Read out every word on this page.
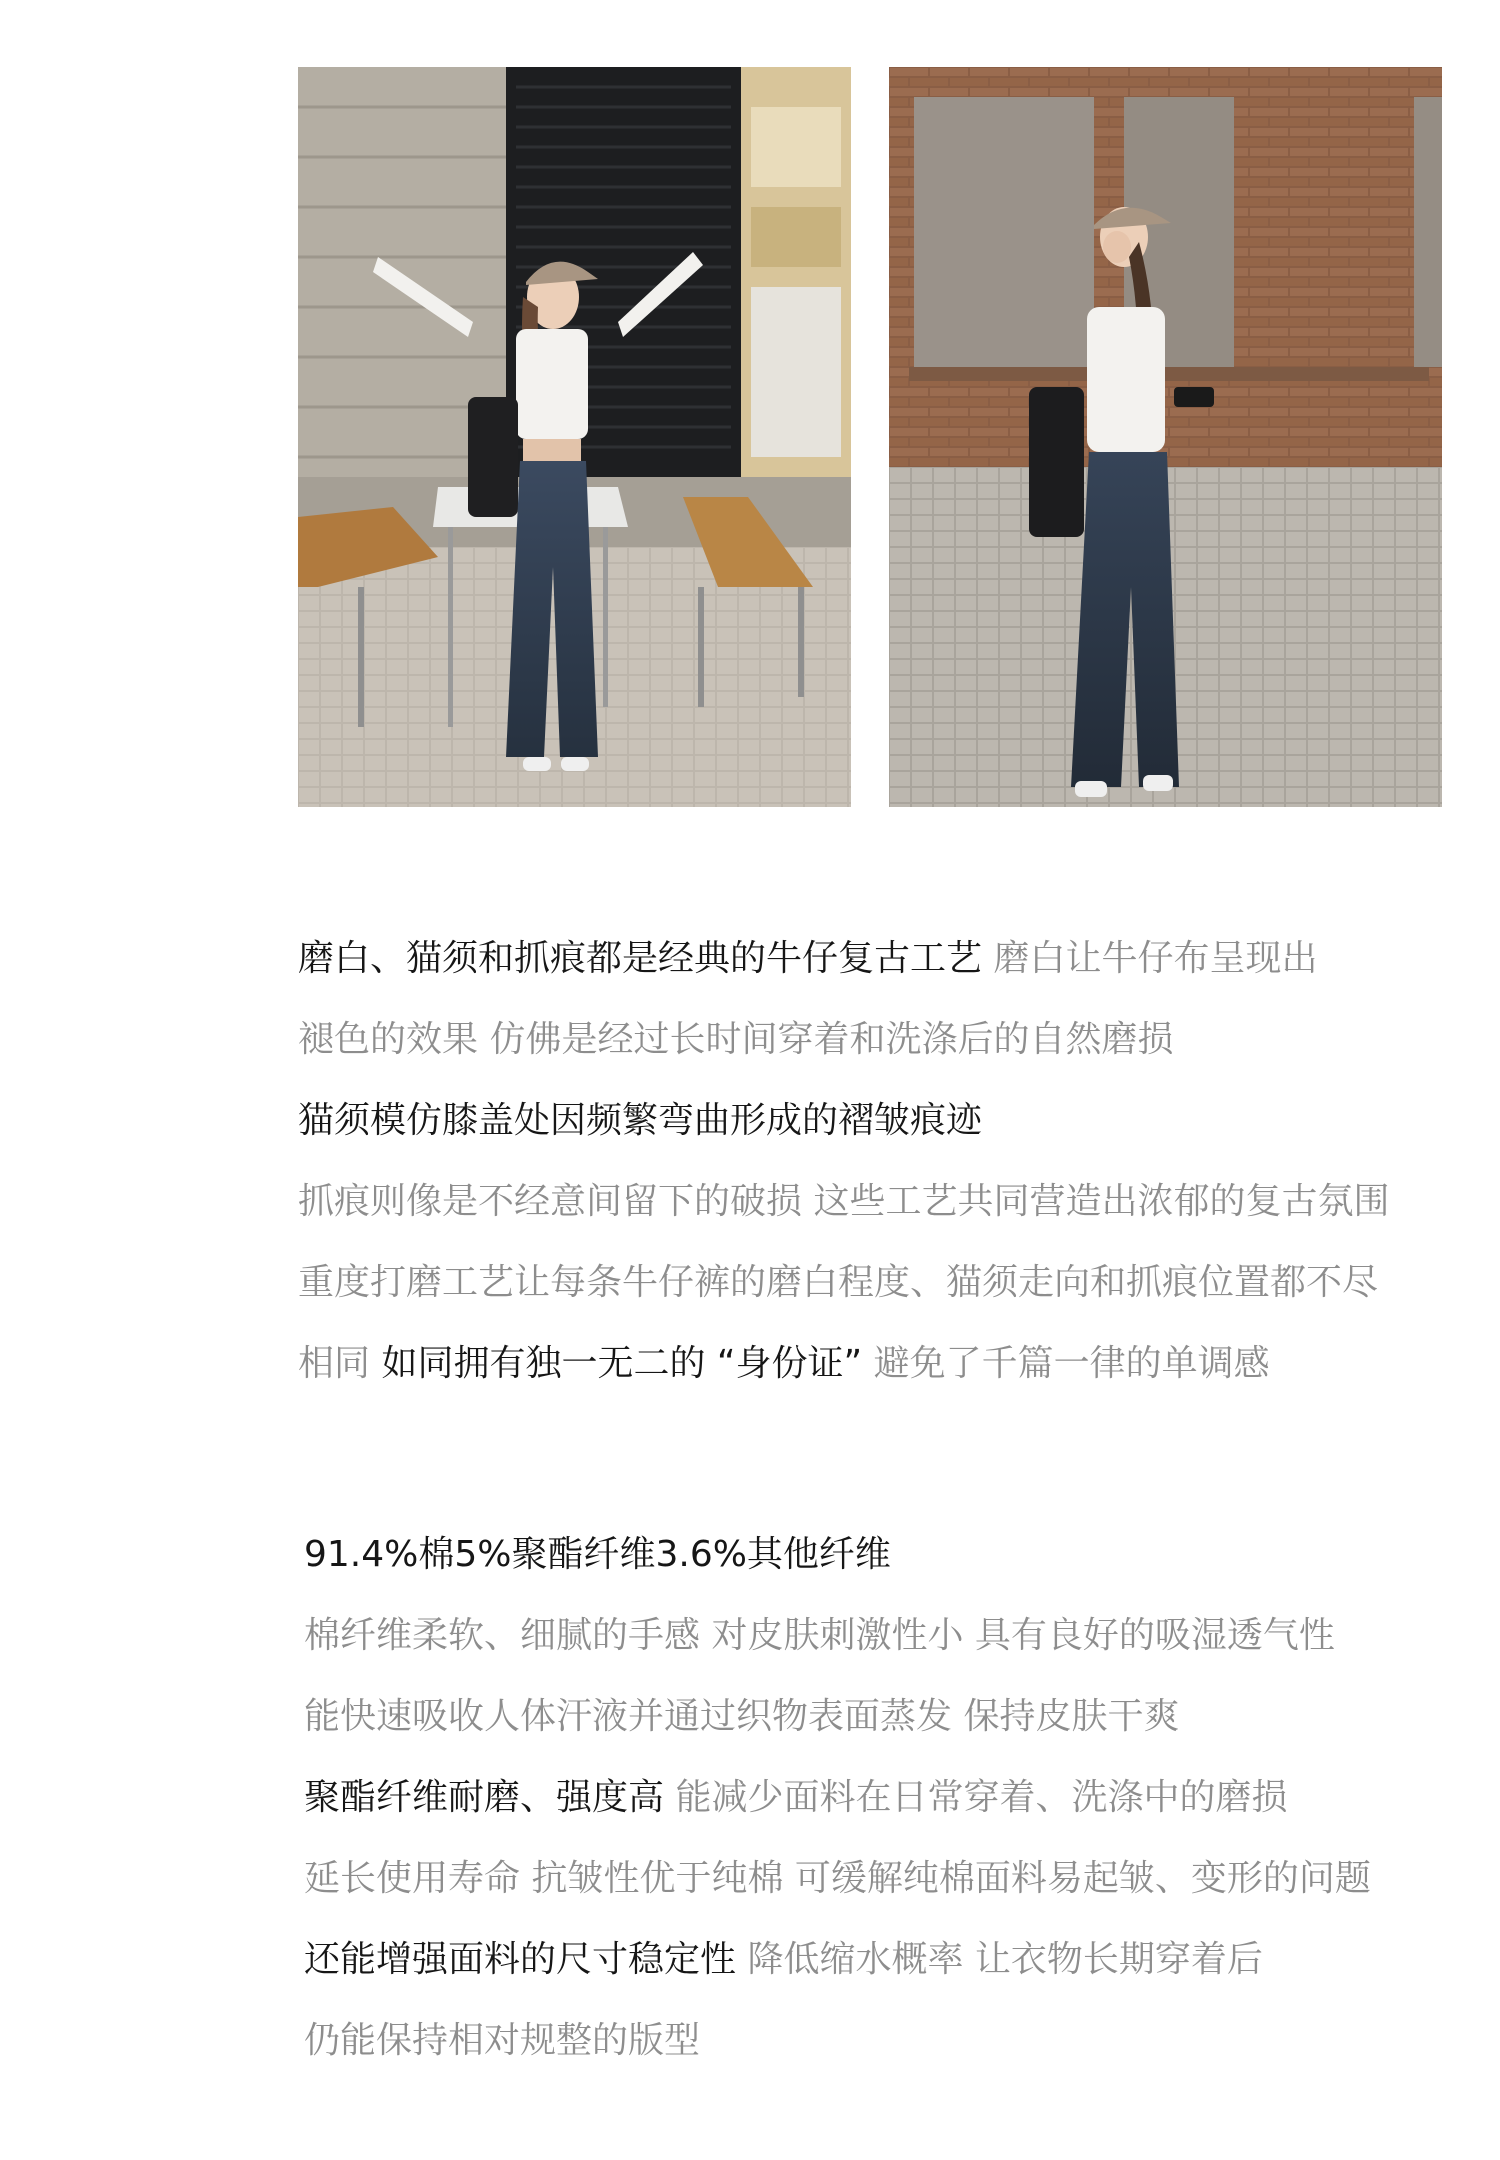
磨白、猫须和抓痕都是经典的牛仔复古工艺 磨白让牛仔布呈现出
褪色的效果 仿佛是经过长时间穿着和洗涤后的自然磨损
猫须模仿膝盖处因频繁弯曲形成的褶皱痕迹
抓痕则像是不经意间留下的破损 这些工艺共同营造出浓郁的复古氛围
重度打磨工艺让每条牛仔裤的磨白程度、猫须走向和抓痕位置都不尽
相同 如同拥有独一无二的 “身份证” 避免了千篇一律的单调感
91.4%棉5%聚酯纤维3.6%其他纤维
棉纤维柔软、细腻的手感 对皮肤刺激性小 具有良好的吸湿透气性
能快速吸收人体汗液并通过织物表面蒸发 保持皮肤干爽
聚酯纤维耐磨、强度高 能减少面料在日常穿着、洗涤中的磨损
延长使用寿命 抗皱性优于纯棉 可缓解纯棉面料易起皱、变形的问题
还能增强面料的尺寸稳定性 降低缩水概率 让衣物长期穿着后
仍能保持相对规整的版型
